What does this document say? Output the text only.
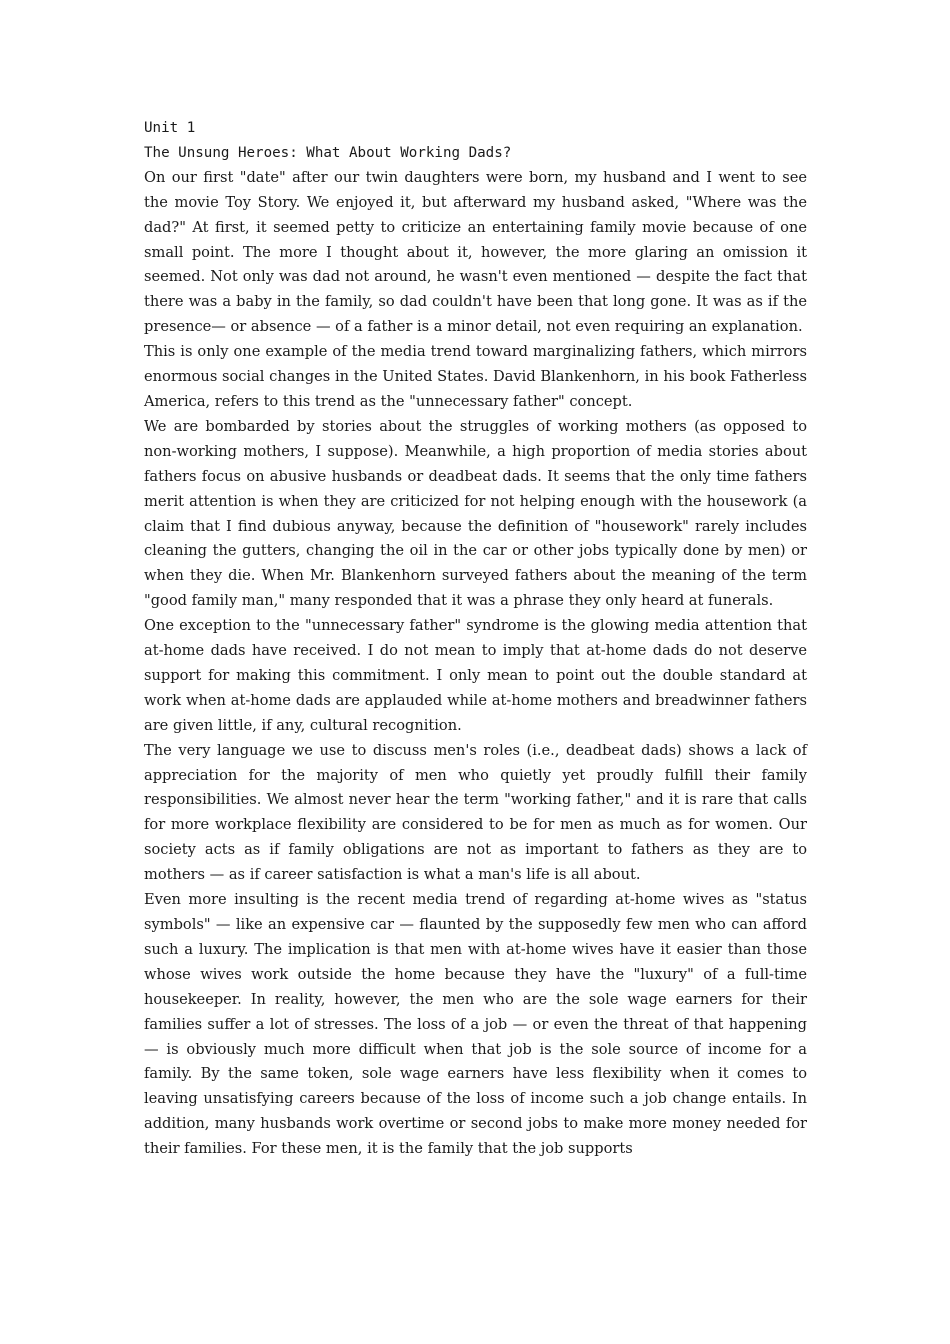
Unit 1

The Unsung Heroes: What About Working Dads?

On our first "date" after our twin daughters were born, my husband and I went to see the movie Toy Story. We enjoyed it, but afterward my husband asked, "Where was the dad?" At first, it seemed petty to criticize an entertaining family movie because of one small point. The more I thought about it, however, the more glaring an omission it seemed. Not only was dad not around, he wasn't even mentioned — despite the fact that there was a baby in the family, so dad couldn't have been that long gone. It was as if the presence— or absence — of a father is a minor detail, not even requiring an explanation.

This is only one example of the media trend toward marginalizing fathers, which mirrors enormous social changes in the United States. David Blankenhorn, in his book Fatherless America, refers to this trend as the "unnecessary father" concept.

We are bombarded by stories about the struggles of working mothers (as opposed to non-working mothers, I suppose). Meanwhile, a high proportion of media stories about fathers focus on abusive husbands or deadbeat dads. It seems that the only time fathers merit attention is when they are criticized for not helping enough with the housework (a claim that I find dubious anyway, because the definition of "housework" rarely includes cleaning the gutters, changing the oil in the car or other jobs typically done by men) or when they die. When Mr. Blankenhorn surveyed fathers about the meaning of the term "good family man," many responded that it was a phrase they only heard at funerals.

One exception to the "unnecessary father" syndrome is the glowing media attention that at-home dads have received. I do not mean to imply that at-home dads do not deserve support for making this commitment. I only mean to point out the double standard at work when at-home dads are applauded while at-home mothers and breadwinner fathers are given little, if any, cultural recognition.

The very language we use to discuss men's roles (i.e., deadbeat dads) shows a lack of appreciation for the majority of men who quietly yet proudly fulfill their family responsibilities. We almost never hear the term "working father," and it is rare that calls for more workplace flexibility are considered to be for men as much as for women. Our society acts as if family obligations are not as important to fathers as they are to mothers — as if career satisfaction is what a man's life is all about.

Even more insulting is the recent media trend of regarding at-home wives as "status symbols" — like an expensive car — flaunted by the supposedly few men who can afford such a luxury. The implication is that men with at-home wives have it easier than those whose wives work outside the home because they have the "luxury" of a full-time housekeeper. In reality, however, the men who are the sole wage earners for their families suffer a lot of stresses. The loss of a job — or even the threat of that happening — is obviously much more difficult when that job is the sole source of income for a family. By the same token, sole wage earners have less flexibility when it comes to leaving unsatisfying careers because of the loss of income such a job change entails. In addition, many husbands work overtime or second jobs to make more money needed for their families. For these men, it is the family that the job supports
